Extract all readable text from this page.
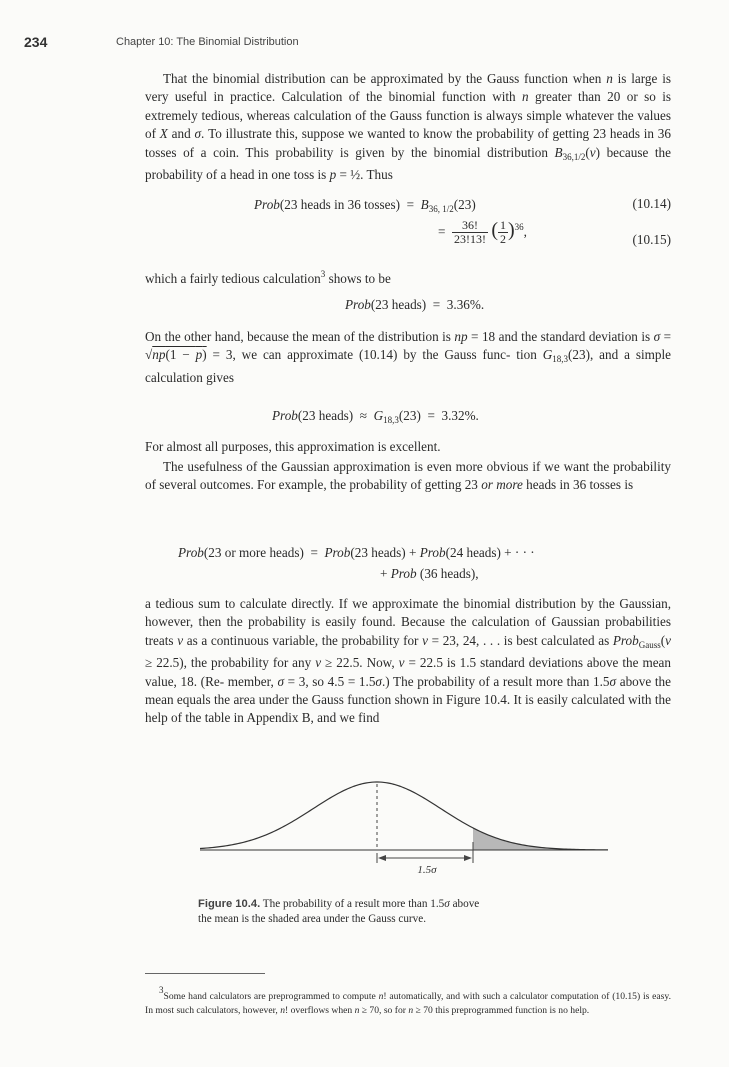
234	Chapter 10: The Binomial Distribution

That the binomial distribution can be approximated by the Gauss function when n is large is very useful in practice. Calculation of the binomial function with n greater than 20 or so is extremely tedious, whereas calculation of the Gauss function is always simple whatever the values of X and σ. To illustrate this, suppose we wanted to know the probability of getting 23 heads in 36 tosses of a coin. This probability is given by the binomial distribution $B_{36,1/2}(\nu)$ because the probability of a head in one toss is p = ½. Thus

Prob(23 heads in 36 tosses)  =  $B_{36, 1/2}(23)$	(10.14)
= $\frac{36!}{23!13!}$ ( $\frac{1}{2} )^{36}$,
(10.15)

which a fairly tedious calculation$^3$ shows to be

Prob(23 heads)  =  3.36%.

On the other hand, because the mean of the distribution is np = 18 and the standard deviation is σ = √np(1 − p) = 3, we can approximate (10.14) by the Gauss func- tion $G_{18,3}(23)$, and a simple calculation gives

Prob(23 heads)  ≈  $G_{18,3}(23) = 3.32\%$.

For almost all purposes, this approximation is excellent.

The usefulness of the Gaussian approximation is even more obvious if we want the probability of several outcomes. For example, the probability of getting 23 or more heads in 36 tosses is

Prob(23 or more heads)  =  Prob(23 heads) + Prob(24 heads) + · · ·
+ Prob (36 heads),

a tedious sum to calculate directly. If we approximate the binomial distribution by the Gaussian, however, then the probability is easily found. Because the calculation of Gaussian probabilities treats ν as a continuous variable, the probability for ν = 23, 24, . . . is best calculated as Prob$_{Gauss}$(ν ≥ 22.5), the probability for any ν ≥ 22.5. Now, ν = 22.5 is 1.5 standard deviations above the mean value, 18. (Re- member, σ = 3, so 4.5 = 1.5σ.) The probability of a result more than 1.5σ above the mean equals the area under the Gauss function shown in Figure 10.4. It is easily calculated with the help of the table in Appendix B, and we find

1.5σ

Figure 10.4. The probability of a result more than 1.5σ above the mean is the shaded area under the Gauss curve.

3Some hand calculators are preprogrammed to compute n! automatically, and with such a calculator computation of (10.15) is easy. In most such calculators, however, n! overflows when n ≥ 70, so for n ≥ 70 this preprogrammed function is no help.
